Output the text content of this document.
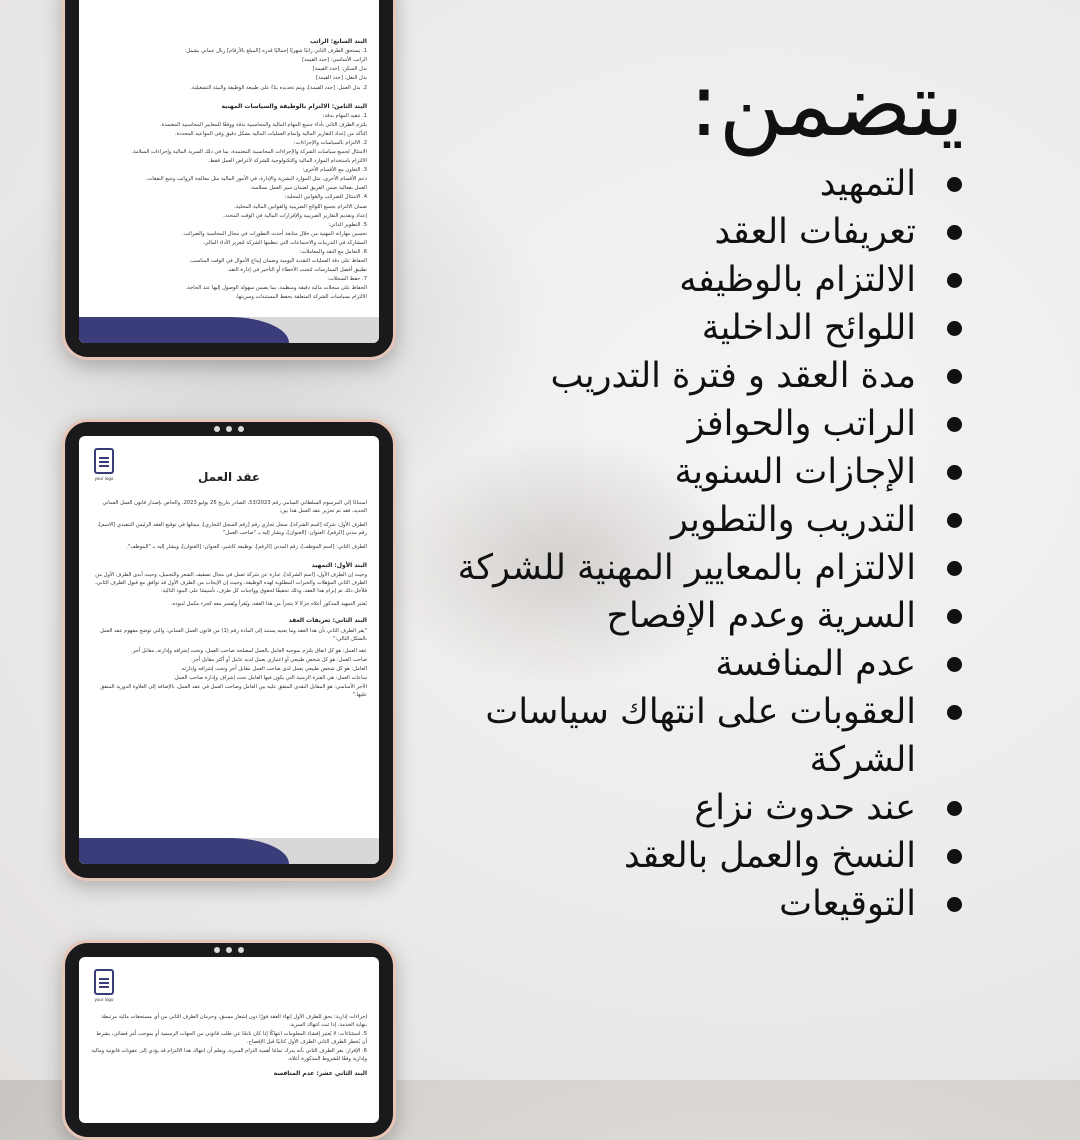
البند السابع: الراتب
1. يستحق الطرف الثاني راتبًا شهريًا إجماليًا قدره [المبلغ بالأرقام] ريال عماني يشمل:
الراتب الأساسي: [حدد القيمة]
بدل السكن: [حدد القيمة]
بدل النقل: [حدد القيمة]
2. بدل العمل: [حدد القيمة]، ويتم تحديده بناءً على طبيعة الوظيفة والبيئة التشغيلية.
البند الثامن: الالتزام بالوظيفة والسياسات المهنية
1. تنفيذ المهام بدقة:
يلتزم الطرف الثاني بأداء جميع المهام المالية والمحاسبية بدقة ووفقًا للمعايير المحاسبية المعتمدة.
التأكد من إعداد التقارير المالية وإتمام العمليات المالية بشكل دقيق وفي المواعيد المحددة.
2. الالتزام بالسياسات والإجراءات:
الامتثال لجميع سياسات الشركة والإجراءات المحاسبية المعتمدة، بما في ذلك السرية المالية وإجراءات السلامة.
الالتزام باستخدام الموارد المالية والتكنولوجية للشركة لأغراض العمل فقط.
3. التعاون مع الأقسام الأخرى:
دعم الأقسام الأخرى، مثل الموارد البشرية والإدارة، في الأمور المالية مثل معالجة الرواتب وتتبع النفقات.
العمل بفعالية ضمن الفريق لضمان سير العمل بسلاسة.
4. الامتثال للضرائب والقوانين المحلية:
ضمان الالتزام بجميع اللوائح الضريبية والقوانين المالية المحلية.
إعداد وتقديم التقارير الضريبية والإقرارات المالية في الوقت المحدد.
5. التطوير الذاتي:
تحسين مهاراته المهنية من خلال متابعة أحدث التطورات في مجال المحاسبة والضرائب.
المشاركة في التدريبات والاجتماعات التي تنظمها الشركة لتعزيز الأداء المالي.
6. التعامل مع النقد والمعاملات:
الحفاظ على دقة العمليات النقدية اليومية وضمان إيداع الأموال في الوقت المناسب.
تطبيق أفضل الممارسات لتجنب الأخطاء أو التأخير في إدارة النقد.
7. حفظ السجلات:
الحفاظ على سجلات مالية دقيقة ومنظمة، بما يضمن سهولة الوصول إليها عند الحاجة.
الالتزام بسياسات الشركة المتعلقة بحفظ المستندات وسريتها.
your logo	عقد العمل
استنادًا إلى المرسوم السلطاني السامي رقم 53/2023، الصادر بتاريخ 25 يوليو 2023، والخاص بإصدار قانون العمل العماني الجديد، فقد تم تحرير عقد العمل هذا بين:
الطرف الأول: شركة [اسم الشركة]، سجل تجاري رقم [رقم السجل التجاري]، ممثلها في توقيع العقد الرئيس التنفيذي [الاسم]، رقم مدني [الرقم]، العنوان: [العنوان]، ويشار إليه بـ "صاحب العمل"
الطرف الثاني: [اسم الموظف]، رقم المدني [الرقم]، بوظيفة كاشير، العنوان: [العنوان]، ويشار إليه بـ "الموظف".
البند الأول: التمهيد
وحيث إن الطرف الأول، [اسم الشركة]، عبارة عن شركة تعمل في مجال تصفيف الشعر والتجميل، وحيث أبدى الطرف الأول من الطرف الثاني المؤهلات والخبرات المطلوبة لهذه الوظيفة، وحيث إن الإيجاب من الطرف الأول قد توافق مع قبول الطرف الثاني، فلأجل ذلك تم إبرام هذا العقد، وذلك تحقيقًا لحقوق وواجبات كل طرف، تأسيسًا على البنود التالية:
يُعتبر التمهيد المذكور أعلاه جزءًا لا يتجزأ من هذا العقد، ويُقرأ ويُفسر معه كجزء مكمل لبنوده.
البند الثاني: تعريفات العقد
"يقر الطرف الثاني بأن هذا العقد وما يعنيه يستند إلى المادة رقم (1) من قانون العمل العماني، والتي توضح مفهوم عقد العمل بالشكل التالي:"
عقد العمل: هو كل اتفاق يلتزم بموجبه العامل بالعمل لمصلحة صاحب العمل، وتحت إشرافه وإدارته، مقابل أجر.
صاحب العمل: هو كل شخص طبيعي أو اعتباري يعمل لديه عامل أو أكثر مقابل أجر.
العامل: هو كل شخص طبيعي يعمل لدى صاحب العمل مقابل أجر وتحت إشرافه وإدارته.
ساعات العمل: هي الفترة الزمنية التي يكون فيها العامل تحت إشراف وإدارة صاحب العمل.
الأجر الأساسي: هو المقابل النقدي المتفق عليه بين العامل وصاحب العمل في عقد العمل، بالإضافة إلى العلاوة الدورية المتفق عليها."
your logo
إجراءات إدارية: يحق للطرف الأول إنهاء العقد فورًا دون إشعار مسبق، وحرمان الطرف الثاني من أي مستحقات مالية مرتبطة بنهاية الخدمة، إذا ثبت انتهاك السرية.
5. استثناءات: لا يُعتبر إفشاء المعلومات انتهاكًا إذا كان ناتجًا عن طلب قانوني من الجهات الرسمية أو بموجب أمر قضائي، بشرط أن يُخطر الطرف الثاني الطرف الأول كتابيًا قبل الإفصاح.
6. الإقرار: يقر الطرف الثاني بأنه يدرك تمامًا أهمية التزام السرية، ويعلم أن انتهاك هذا الالتزام قد يؤدي إلى عقوبات قانونية ومالية وإدارية وفقًا للشروط المذكورة أعلاه.
البند الثاني عشر: عدم المنافسة
يتضمن:
التمهيد
تعريفات العقد
الالتزام بالوظيفه
اللوائح الداخلية
مدة العقد و فترة التدريب
الراتب والحوافز
الإجازات السنوية
التدريب والتطوير
الالتزام بالمعايير المهنية للشركة
السرية وعدم الإفصاح
عدم المنافسة
العقوبات على انتهاك سياسات الشركة
عند حدوث نزاع
النسخ والعمل بالعقد
التوقيعات
